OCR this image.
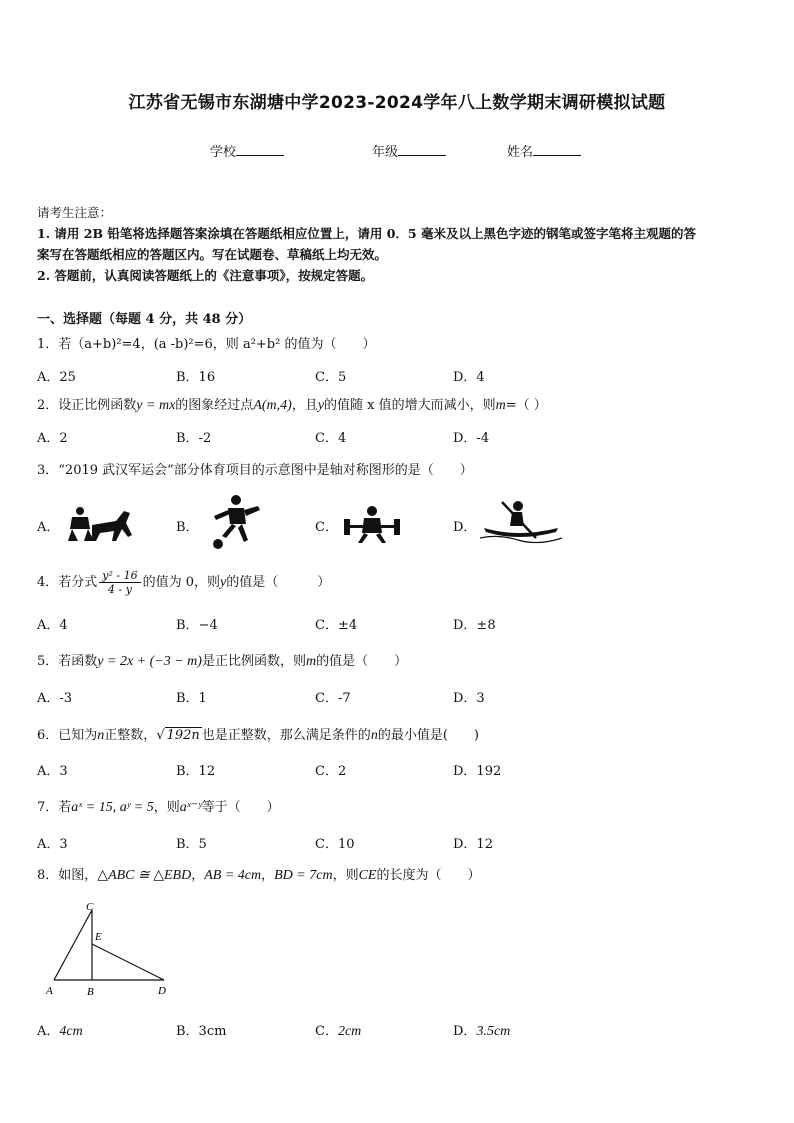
江苏省无锡市东湖塘中学2023-2024学年八上数学期末调研模拟试题
学校	年级	姓名
请考生注意：
1. 请用 2B 铅笔将选择题答案涂填在答题纸相应位置上，请用 0．5 毫米及以上黑色字迹的钢笔或签字笔将主观题的答
案写在答题纸相应的答题区内。写在试题卷、草稿纸上均无效。
2. 答题前，认真阅读答题纸上的《注意事项》，按规定答题。
一、选择题（每题 4 分，共 48 分）
1．若（a+b)²=4，(a -b)²=6，则 a²+b² 的值为（　　）
A．25	B．16	C．5	D．4
2．设正比例函数y = mx的图象经过点A(m,4)，且y的值随 x 值的增大而减小，则m=（ ）
A．2	B．-2	C．4	D．-4
3．“2019 武汉军运会”部分体育项目的示意图中是轴对称图形的是（　　）
A．	B．	C．	D．
4．若分式 $\frac{\text{y² - 16}}{4 - y}$ 的值为 0，则y的值是（　　　）
A．4	B．−4	C．±4	D．±8
5．若函数y = 2x + (−3 − m)是正比例函数，则m的值是（　　）
A．-3	B．1	C．-7	D．3
6．已知为n正整数，√ 192n 也是正整数，那么满足条件的n的最小值是(　　)
A．3	B．12	C．2	D．192
7．若aˣ = 15, aʸ = 5，则aˣ⁻ʸ等于（　　）
A．3	B．5	C．10	D．12
8．如图，△ABC ≅ △EBD，AB = 4cm，BD = 7cm，则CE的长度为（　　）
C
E
A	B	D
A．4cm	B．3cm	C．2cm	D．3.5cm
